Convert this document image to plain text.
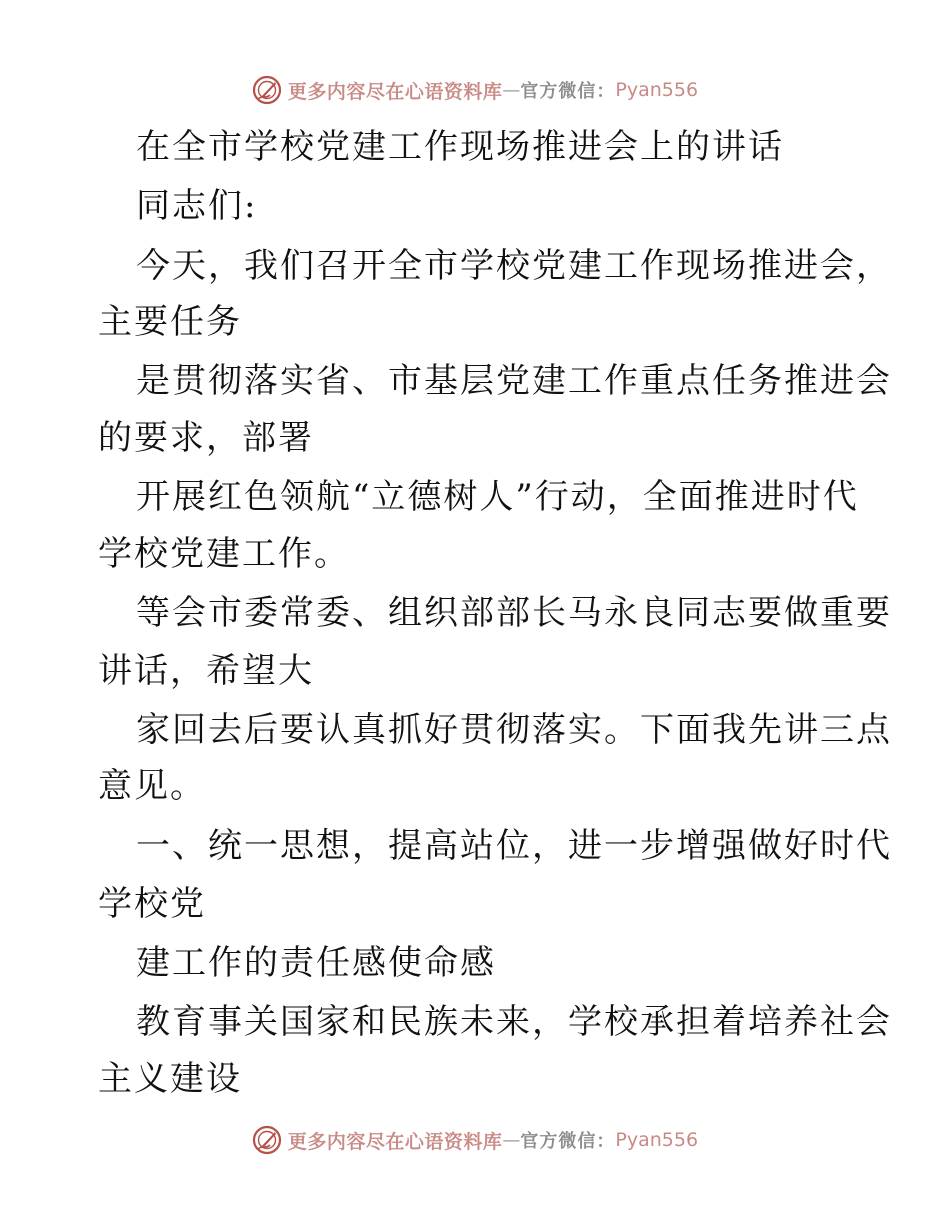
更多内容尽在心语资料库 — 官方微信： Pyan556
在全市学校党建工作现场推进会上的讲话
同志们:
今天，我们召开全市学校党建工作现场推进会，
主要任务
是贯彻落实省、市基层党建工作重点任务推进会
的要求，部署
开展红色领航“立德树人”行动，全面推进时代
学校党建工作。
等会市委常委、组织部部长马永良同志要做重要
讲话，希望大
家回去后要认真抓好贯彻落实。下面我先讲三点
意见。
一、统一思想，提高站位，进一步增强做好时代
学校党
建工作的责任感使命感
教育事关国家和民族未来，学校承担着培养社会
主义建设
更多内容尽在心语资料库 — 官方微信： Pyan556
